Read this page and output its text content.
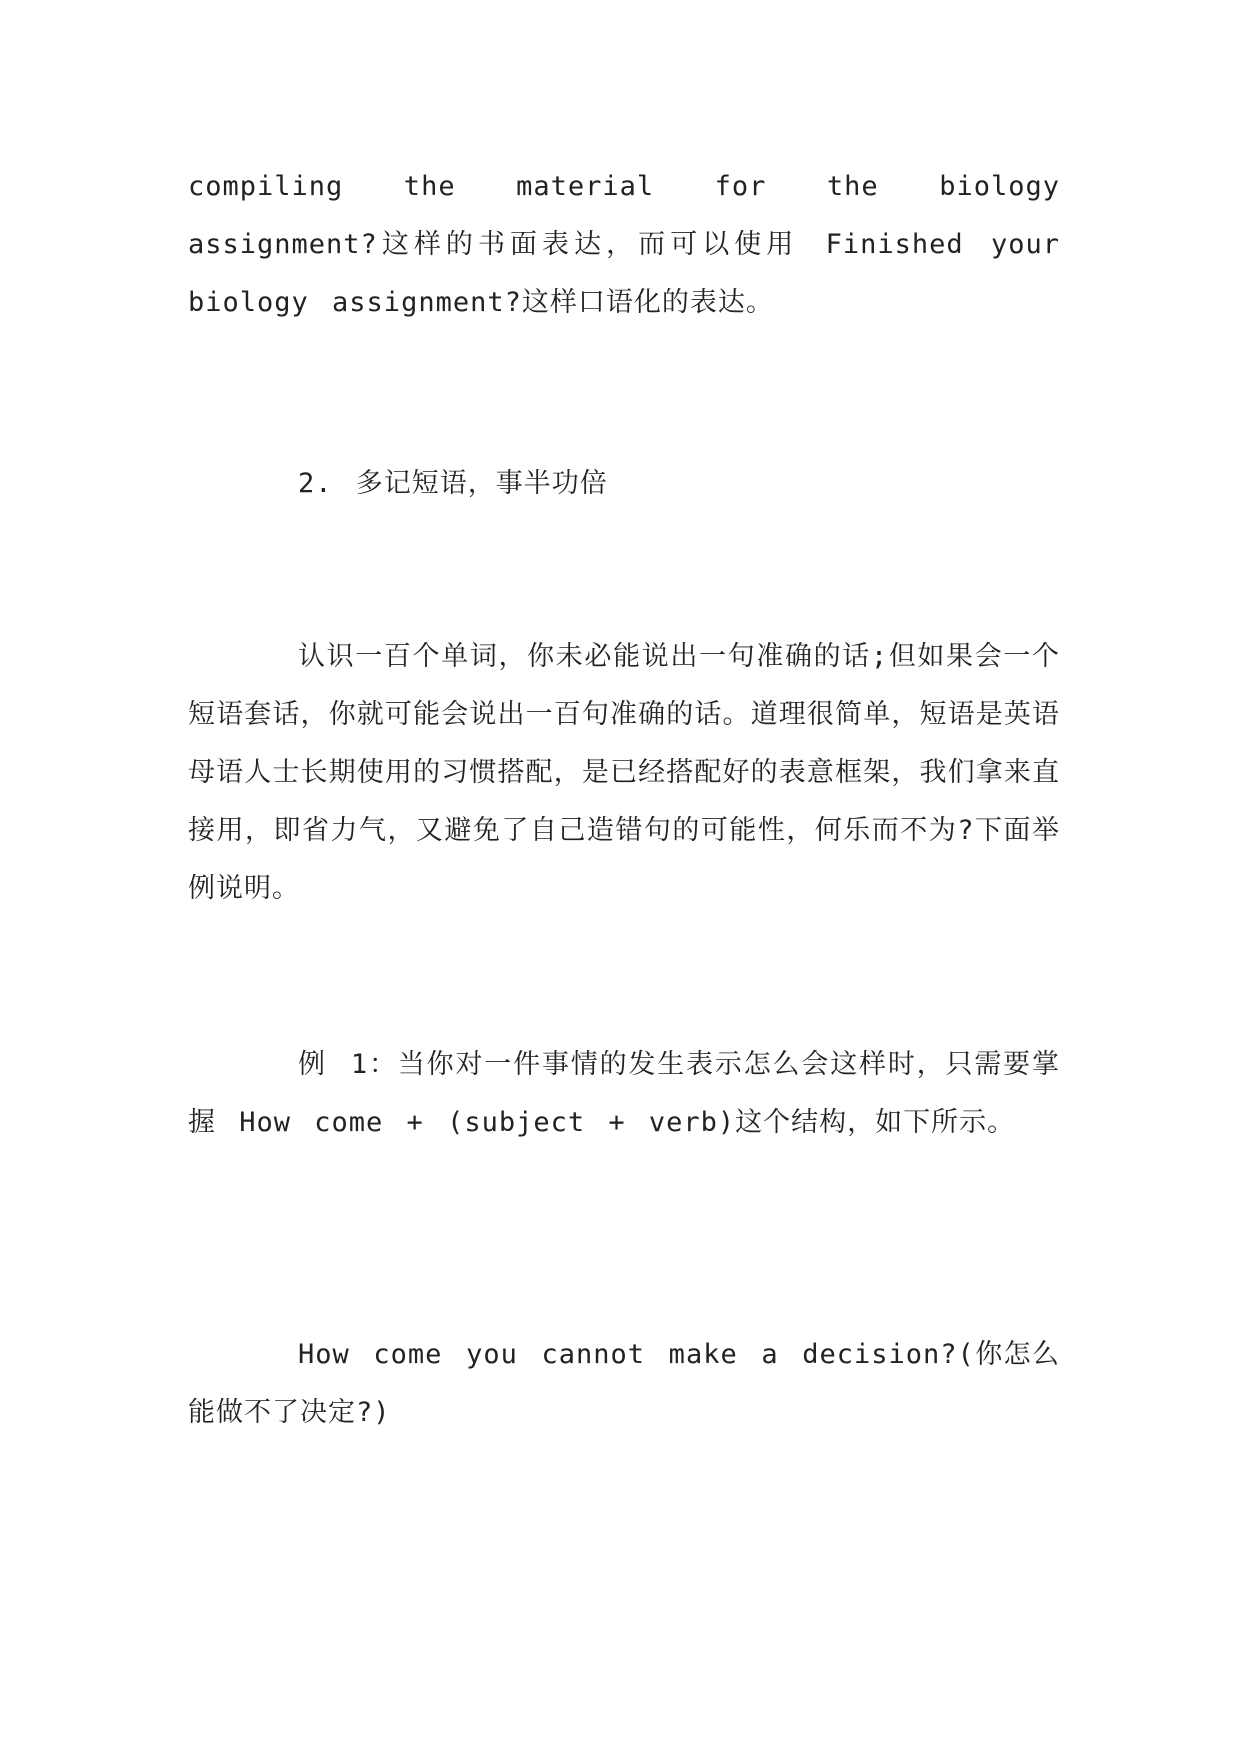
compiling the material for the biology assignment?这样的书面表达，而可以使用 Finished your biology assignment?这样口语化的表达。

2. 多记短语，事半功倍

认识一百个单词，你未必能说出一句准确的话;但如果会一个短语套话，你就可能会说出一百句准确的话。道理很简单，短语是英语母语人士长期使用的习惯搭配，是已经搭配好的表意框架，我们拿来直接用，即省力气，又避免了自己造错句的可能性，何乐而不为?下面举例说明。

例 1：当你对一件事情的发生表示怎么会这样时，只需要掌握 How come + (subject + verb)这个结构，如下所示。

How come you cannot make a decision?(你怎么能做不了决定?)
